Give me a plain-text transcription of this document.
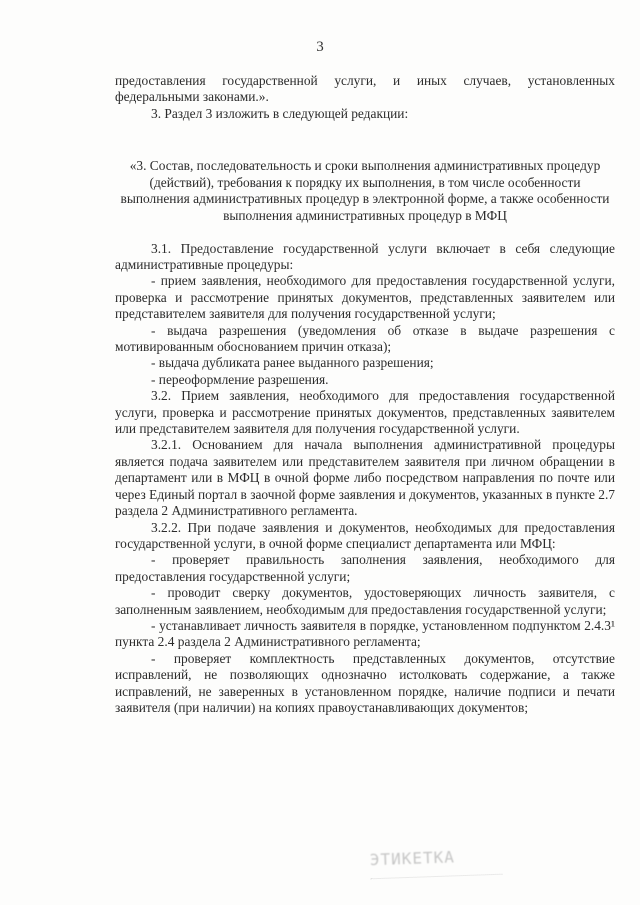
3

предоставления государственной услуги, и иных случаев, установленных федеральными законами.».

3. Раздел 3 изложить в следующей редакции:

«3. Состав, последовательность и сроки выполнения административных процедур (действий), требования к порядку их выполнения, в том числе особенности выполнения административных процедур в электронной форме, а также особенности выполнения административных процедур в МФЦ

3.1. Предоставление государственной услуги включает в себя следующие административные процедуры:

- прием заявления, необходимого для предоставления государственной услуги, проверка и рассмотрение принятых документов, представленных заявителем или представителем заявителя для получения государственной услуги;

- выдача разрешения (уведомления об отказе в выдаче разрешения с мотивированным обоснованием причин отказа);

- выдача дубликата ранее выданного разрешения;

- переоформление разрешения.

3.2. Прием заявления, необходимого для предоставления государственной услуги, проверка и рассмотрение принятых документов, представленных заявителем или представителем заявителя для получения государственной услуги.

3.2.1. Основанием для начала выполнения административной процедуры является подача заявителем или представителем заявителя при личном обращении в департамент или в МФЦ в очной форме либо посредством направления по почте или через Единый портал в заочной форме заявления и документов, указанных в пункте 2.7 раздела 2 Административного регламента.

3.2.2. При подаче заявления и документов, необходимых для предоставления государственной услуги, в очной форме специалист департамента или МФЦ:

- проверяет правильность заполнения заявления, необходимого для предоставления государственной услуги;

- проводит сверку документов, удостоверяющих личность заявителя, с заполненным заявлением, необходимым для предоставления государственной услуги;

- устанавливает личность заявителя в порядке, установленном подпунктом 2.4.3¹ пункта 2.4 раздела 2 Административного регламента;

- проверяет комплектность представленных документов, отсутствие исправлений, не позволяющих однозначно истолковать содержание, а также исправлений, не заверенных в установленном порядке, наличие подписи и печати заявителя (при наличии) на копиях правоустанавливающих документов;

ЭТИКЕТКА
